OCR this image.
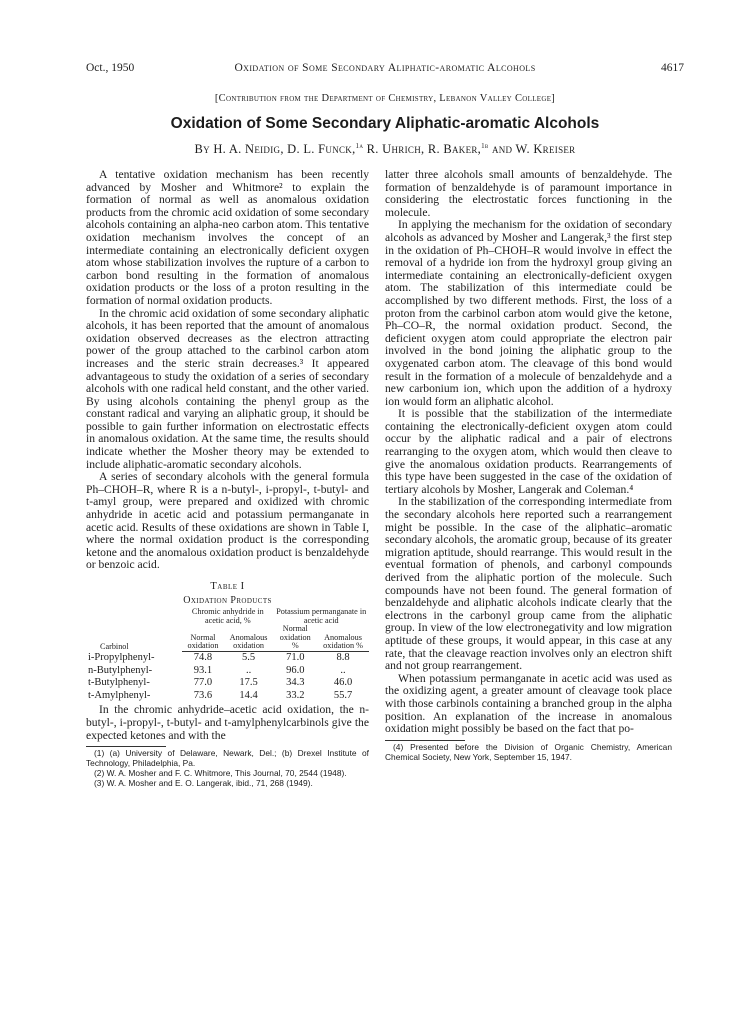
Oct., 1950	Oxidation of Some Secondary Aliphatic-aromatic Alcohols	4617
[Contribution from the Department of Chemistry, Lebanon Valley College]
Oxidation of Some Secondary Aliphatic-aromatic Alcohols
By H. A. Neidig, D. L. Funck,$^{1a}$ R. Uhrich, R. Baker,$^{1b}$ and W. Kreiser

A tentative oxidation mechanism has been recently advanced by Mosher and Whitmore² to explain the formation of normal as well as anomalous oxidation products from the chromic acid oxidation of some secondary alcohols containing an alpha-neo carbon atom. This tentative oxidation mechanism involves the concept of an intermediate containing an electronically deficient oxygen atom whose stabilization involves the rupture of a carbon to carbon bond resulting in the formation of anomalous oxidation products or the loss of a proton resulting in the formation of normal oxidation products.

In the chromic acid oxidation of some secondary aliphatic alcohols, it has been reported that the amount of anomalous oxidation observed decreases as the electron attracting power of the group attached to the carbinol carbon atom increases and the steric strain decreases.³ It appeared advantageous to study the oxidation of a series of secondary alcohols with one radical held constant, and the other varied. By using alcohols containing the phenyl group as the constant radical and varying an aliphatic group, it should be possible to gain further information on electrostatic effects in anomalous oxidation. At the same time, the results should indicate whether the Mosher theory may be extended to include aliphatic-aromatic secondary alcohols.

A series of secondary alcohols with the general formula Ph–CHOH–R, where R is a n-butyl-, i-propyl-, t-butyl- and t-amyl group, were prepared and oxidized with chromic anhydride in acetic acid and potassium permanganate in acetic acid. Results of these oxidations are shown in Table I, where the normal oxidation product is the corresponding ketone and the anomalous oxidation product is benzaldehyde or benzoic acid.

Table I
Oxidation Products
Carbinol	Chromic anhydride in acetic acid, %		Potassium permanganate in acetic acid	
	Normal oxidation	Anomalous oxidation	Normal oxidation %	Anomalous oxidation %
i-Propylphenyl-	74.8	5.5	71.0	8.8
n-Butylphenyl-	93.1	..	96.0	..
t-Butylphenyl-	77.0	17.5	34.3	46.0
t-Amylphenyl-	73.6	14.4	33.2	55.7

In the chromic anhydride–acetic acid oxidation, the n-butyl-, i-propyl-, t-butyl- and t-amylphenylcarbinols give the expected ketones and with the

(1) (a) University of Delaware, Newark, Del.; (b) Drexel Institute of Technology, Philadelphia, Pa.
(2) W. A. Mosher and F. C. Whitmore, This Journal, 70, 2544 (1948).
(3) W. A. Mosher and E. O. Langerak, ibid., 71, 268 (1949).

latter three alcohols small amounts of benzaldehyde. The formation of benzaldehyde is of paramount importance in considering the electrostatic forces functioning in the molecule.

In applying the mechanism for the oxidation of secondary alcohols as advanced by Mosher and Langerak,³ the first step in the oxidation of Ph–CHOH–R would involve in effect the removal of a hydride ion from the hydroxyl group giving an intermediate containing an electronically-deficient oxygen atom. The stabilization of this intermediate could be accomplished by two different methods. First, the loss of a proton from the carbinol carbon atom would give the ketone, Ph–CO–R, the normal oxidation product. Second, the deficient oxygen atom could appropriate the electron pair involved in the bond joining the aliphatic group to the oxygenated carbon atom. The cleavage of this bond would result in the formation of a molecule of benzaldehyde and a new carbonium ion, which upon the addition of a hydroxy ion would form an aliphatic alcohol.

It is possible that the stabilization of the intermediate containing the electronically-deficient oxygen atom could occur by the aliphatic radical and a pair of electrons rearranging to the oxygen atom, which would then cleave to give the anomalous oxidation products. Rearrangements of this type have been suggested in the case of the oxidation of tertiary alcohols by Mosher, Langerak and Coleman.⁴

In the stabilization of the corresponding intermediate from the secondary alcohols here reported such a rearrangement might be possible. In the case of the aliphatic–aromatic secondary alcohols, the aromatic group, because of its greater migration aptitude, should rearrange. This would result in the eventual formation of phenols, and carbonyl compounds derived from the aliphatic portion of the molecule. Such compounds have not been found. The general formation of benzaldehyde and aliphatic alcohols indicate clearly that the electrons in the carbonyl group came from the aliphatic group. In view of the low electronegativity and low migration aptitude of these groups, it would appear, in this case at any rate, that the cleavage reaction involves only an electron shift and not group rearrangement.

When potassium permanganate in acetic acid was used as the oxidizing agent, a greater amount of cleavage took place with those carbinols containing a branched group in the alpha position. An explanation of the increase in anomalous oxidation might possibly be based on the fact that po-

(4) Presented before the Division of Organic Chemistry, American Chemical Society, New York, September 15, 1947.
